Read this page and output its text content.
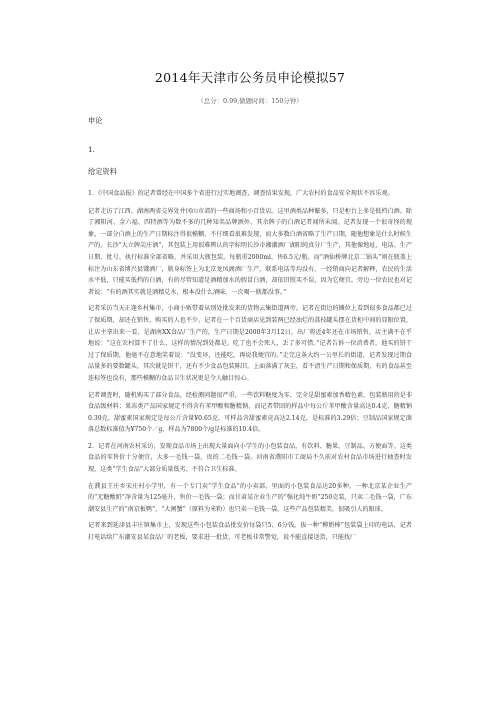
2014年天津市公务员申论模拟57
（总分：0.99,做题时间：150分钟）
申论
1.
给定资料

1．《中国食品报》的记者曾经在中国多个省进行过实地调查，调查结果发现，广大农村的食品安全现状不容乐观。

记者走访了江西、湖南两省交界处井冈山市郊的一些商场和小百货店。这里酒类品种繁多，只是柜台上多是低档白酒。除了湘阳河、金六福、四特酒等为数不多的几种知名品牌酒外，其余牌子的白酒记者闻所未闻。记者发现一个很奇怪的现象，一部分白酒上的生产日期标注得很模糊，不仔细看很难发现，而大多数白酒省略了生产日期，随他想象是什么时候生产的。长沙“大立牌尖庄酒”，其包装上用很难辨认的字标明长沙市湘潮酒厂湖阳纯真分厂生产，其他像地址、电话、生产日期、批号、执行标准全部省略，并采用大瓶包装，每瓶重2000ml，售6.5元/瓶。而“酒仙桥牌北京二锅头”则在瓶盖上标注为山东省博兴县饿酒厂，瓶身标签上为北京龙凤阁酒厂生产，联系电话等均没有。一经销商向记者解释，农民的生活水平低，只能买低档的白酒，有的尽管知道是酒精加水的假冒白酒，却依旧照买不误，因为它便宜。旁边一位农民也对记者说：“有的酒其实就是酒精兑水，根本没什么酒味，一次喝一瓶都没事。”

记者采访当天正逢乡村集市，小商小贩带着从别处批发来的货物云集街道两旁。记者在街边的摊位上看到很多食品都已过了保质期，却还在销售，购买的人也不少。记者在一个百货商店见到装两已经浊烂的荔枝罐头摆在货柜中间的显眼位置，让店主拿出来一看，是湖南XX食品厂生产的，生产日期是2000年3月12日，出厂将近4年还在市场销售，店主满不在乎地说：“这在农村算不了什么，这样的情况到处都是。吃了也不会死人，丢了多可惜。”记者告诉一位消费者，他买的饼干过了保质期，他毫不在意地笑着说：“没变坏，还能吃，再说我便宜的。”走完这条大约一公里长的街道，记者发现过期食品量多的要数罐头，其次就是饼干，还有不少食品包装陈旧，上面落满了灰尘，看不清生产日期和保质期，有的食品甚至连标签也没有，那些模糊的食品卫生状况更是令人触目惊心。

记者调查时，随机购买了部分食品，经检测问题很严重，一些饮料糖度为零，完全是甜蜜素加香精色素，包装瓶用的是非食品级材料；果冻类产品国家规定不得含有苯甲酸和糖精钠，而记者带回的样品中每公斤苯甲酸含量高达0.4克、糖精钠0.39克，甜蜜素国家规定是每公斤含量¥0.65克，可样品含甜蜜素竟高达2.14克，是标准的3.29倍；豆制品国家规定菌落总数标准值为¥750个／g，样品为7800个/g是标准的10.4倍。

2．记者在河南农村采访，发现食品市场上出现大量面向小学生的小包装食品，有饮料、糖果、豆制品、方便面等。这类食品的零售价十分便宜，大多一毛钱一袋，贵的二毛钱一袋。河南省濮阳市工商局不久前对农村食品市场进行抽查时发现，这类“学生食品”大部分质量低劣、不符合卫生标准。

在濮县王庄乡宋庄村小学里，有一个专门卖“学生食品”的小卖部，里面的小包装食品达20多种。一种北京某企业生产的“无糖酸奶”净含量为125毫升，售价一毛钱一袋；而甘肃某企业生产的“强化纯牛奶”250克装，只卖二毛钱一袋，广东潮安县生产的“南京板鸭”、“大闸蟹”（原料为米粉）也只卖一毛钱一袋。这些产品包装精美，很吸引人的眼球。

记者来到延津县丰庄镇集市上，发现这些小包装食品批发价每袋只5、6分钱。拔一种“柳奶棒”包装袋上印的电话，记者打电话给广东潮安县某食品厂的老板，要求进一批货，可老板非常警觉，说不能直接送货，只能找厂
